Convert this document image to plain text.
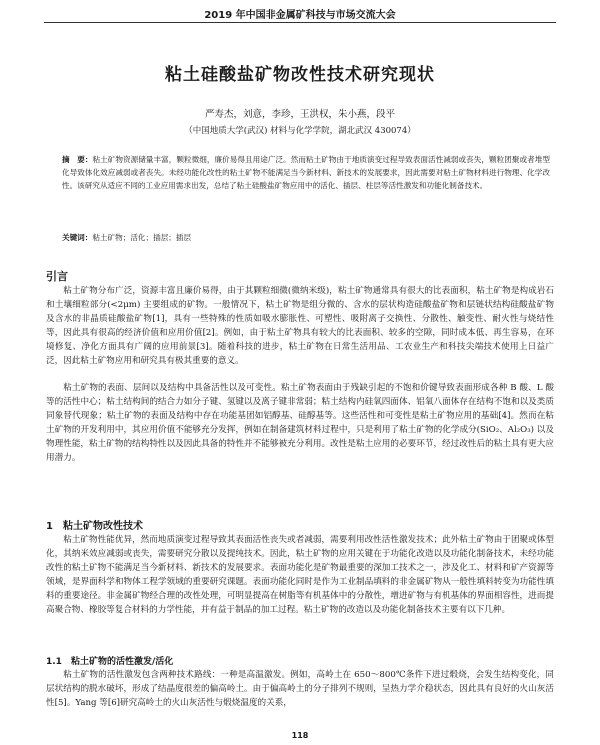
2019 年中国非金属矿科技与市场交流大会
粘土硅酸盐矿物改性技术研究现状
严寿杰，刘意，李珍，王洪权，朱小燕，段平
（中国地质大学(武汉) 材料与化学学院，湖北武汉 430074）
摘　要：粘土矿物资源储量丰富，颗粒微细，廉价易得且用途广泛。然而粘土矿物由于地质演变过程导致表面活性减弱或丧失，颗粒团聚或者堆型化导致体化效应减弱或者丧失。未经功能化改性的粘土矿物不能满足当今新材料、新技术的发展要求，因此需要对粘土矿物材料进行物理、化学改性。该研究从适应不同的工业应用需求出发，总结了粘土硅酸盐矿物应用中的活化、插层、柱层等活性激发和功能化制备技术。
关键词：粘土矿物；活化；插层；插层
引言
粘土矿物分布广泛，资源丰富且廉价易得，由于其颗粒细微(微纳米级)，粘土矿物通常具有很大的比表面积，粘土矿物是构成岩石和土壤细粒部分(<2μm) 主要组成的矿物。一般情况下，粘土矿物是组分微的、含水的层状构造硅酸盐矿物和层链状结构硅酸盐矿物及含水的非晶质硅酸盐矿物[1]，具有一些特殊的性质如吸水膨胀性、可塑性、吸附离子交换性、分散性、触变性、耐火性与烧结性等，因此具有很高的经济价值和应用价值[2]。例如，由于粘土矿物具有较大的比表面积、较多的空隙，同时成本低、再生容易，在环境修复、净化方面具有广阔的应用前景[3]。随着科技的进步，粘土矿物在日常生活用品、工农业生产和科技尖端技术使用上日益广泛，因此粘土矿物应用和研究具有极其重要的意义。
粘土矿物的表面、层间以及结构中具备活性以及可变性。粘土矿物表面由于残缺引起的不饱和价键导致表面形成各种 B 酸、L 酸等的活性中心；粘土结构间的结合力如分子键、氢键以及离子键非常弱；粘土结构内硅氧四面体、铝氧八面体存在结构不饱和以及类质同象替代现象；粘土矿物的表面及结构中存在功能基团如铝醇基、硅醇基等。这些活性和可变性是粘土矿物应用的基础[4]。然而在粘土矿物的开发利用中，其应用价值不能够充分发挥，例如在制备建筑材料过程中，只是利用了粘土矿物的化学成分(SiO₂、Al₂O₃) 以及物理性能，粘土矿物的结构特性以及因此具备的特性并不能够被充分利用。改性是粘土应用的必要环节，经过改性后的粘土具有更大应用潜力。
1　粘土矿物改性技术
粘土矿物性能优异，然而地质演变过程导致其表面活性丧失或者减弱，需要利用改性活性激发技术；此外粘土矿物由于团聚或体型化，其纳米效应减弱或丧失，需要研究分散以及提纯技术。因此，粘土矿物的应用关键在于功能化改造以及功能化制备技术，未经功能改性的粘土矿物不能满足当今新材料、新技术的发展要求。表面功能化是矿物最重要的深加工技术之一，涉及化工、材料和矿产资源等领域，是界面科学和物体工程学领域的重要研究课题。表面功能化同时是作为工业制品填料的非金属矿物从一般性填料转变为功能性填料的重要途径。非金属矿物经合理的改性处理，可明显提高在树脂等有机基体中的分散性，增进矿物与有机基体的界面相容性，进而提高聚合物、橡胶等复合材料的力学性能，并有益于制品的加工过程。粘土矿物的改造以及功能化制备技术主要有以下几种。
1.1　粘土矿物的活性激发/活化
粘土矿物的活性激发包含两种技术路线：一种是高温激发。例如，高岭土在 650～800℃条件下进过煅烧，会发生结构变化，同层状结构的脱水破坏，形成了结晶度很差的偏高岭土。由于偏高岭土的分子排列不规则，呈热力学介稳状态，因此具有良好的火山灰活性[5]。Yang 等[6]研究高岭土的火山灰活性与煅烧温度的关系，
118
